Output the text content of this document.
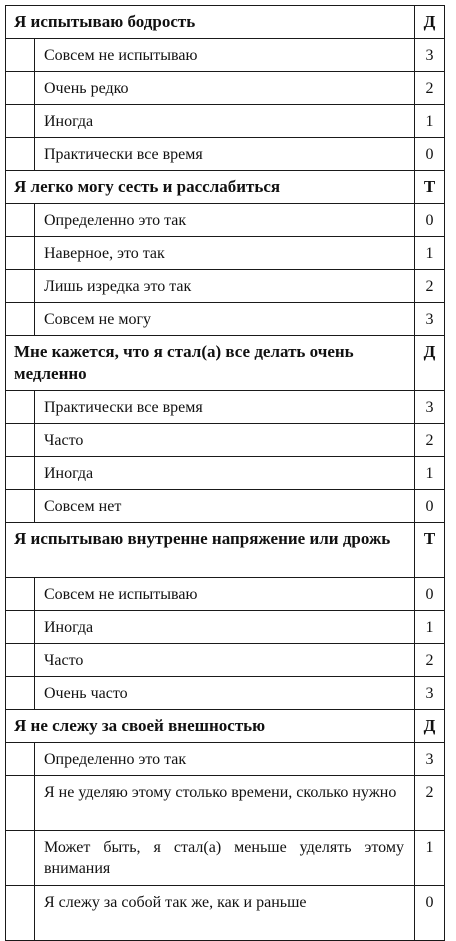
Я испытываю бодрость		Д
	Совсем не испытываю	3
	Очень редко	2
	Иногда	1
	Практически все время	0
Я легко могу сесть и расслабиться		Т
	Определенно это так	0
	Наверное, это так	1
	Лишь изредка это так	2
	Совсем не могу	3
Мне кажется, что я стал(а) все делать очень медленно		Д
	Практически все время	3
	Часто	2
	Иногда	1
	Совсем нет	0
Я испытываю внутренне напряжение или дрожь		Т
	Совсем не испытываю	0
	Иногда	1
	Часто	2
	Очень часто	3
Я не слежу за своей внешностью		Д
	Определенно это так	3
	Я не уделяю этому столько времени, сколько нужно	2
	Может быть, я стал(а) меньше уделять этому внимания	1
	Я слежу за собой так же, как и раньше	0
